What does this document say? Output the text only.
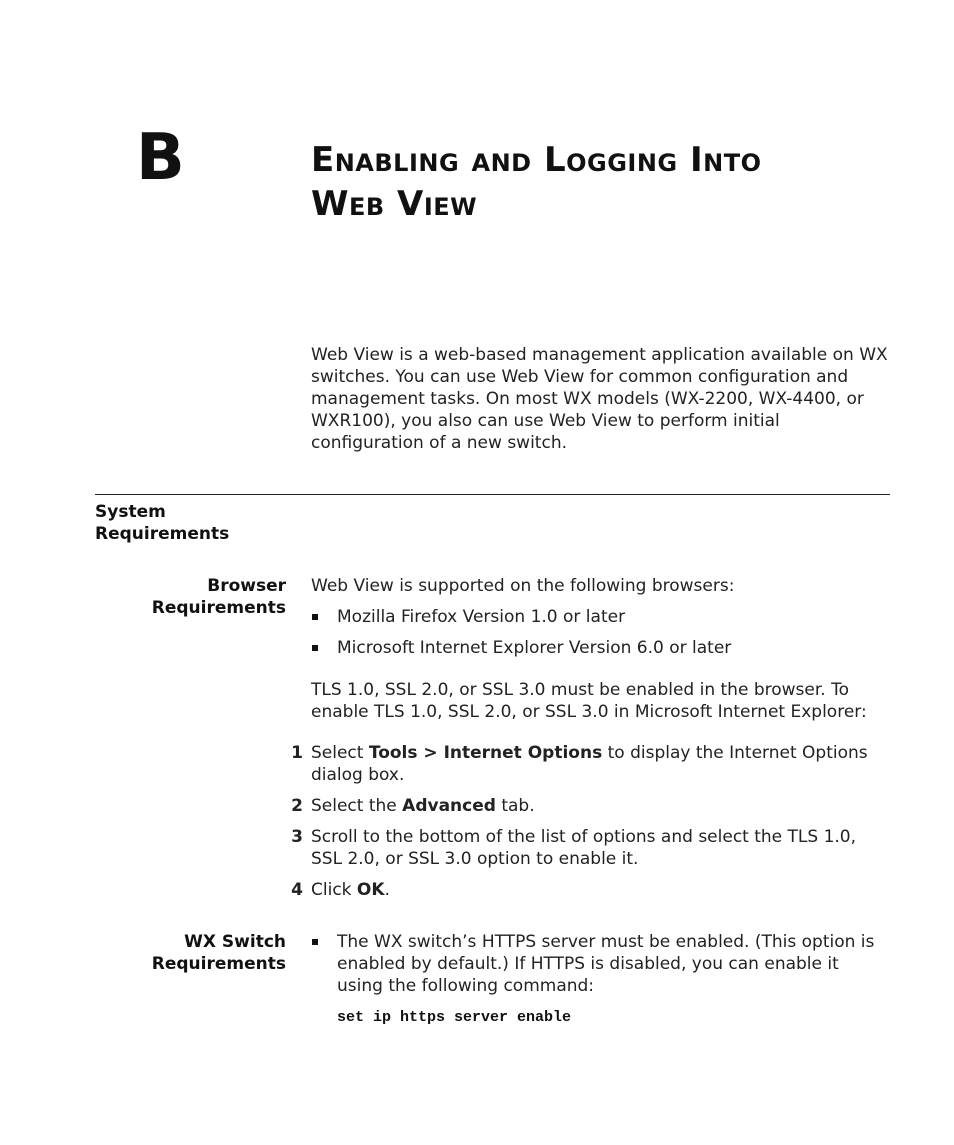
B	Enabling and Logging Into
Web View
Web View is a web-based management application available on WX switches. You can use Web View for common configuration and management tasks. On most WX models (WX-2200, WX-4400, or WXR100), you also can use Web View to perform initial configuration of a new switch.
System
Requirements
Browser
Requirements
Web View is supported on the following browsers:
Mozilla Firefox Version 1.0 or later
Microsoft Internet Explorer Version 6.0 or later
TLS 1.0, SSL 2.0, or SSL 3.0 must be enabled in the browser. To enable TLS 1.0, SSL 2.0, or SSL 3.0 in Microsoft Internet Explorer:
1 Select Tools > Internet Options to display the Internet Options dialog box.
2 Select the Advanced tab.
3 Scroll to the bottom of the list of options and select the TLS 1.0, SSL 2.0, or SSL 3.0 option to enable it.
4 Click OK.
WX Switch
Requirements
The WX switch’s HTTPS server must be enabled. (This option is enabled by default.) If HTTPS is disabled, you can enable it using the following command:
set ip https server enable
